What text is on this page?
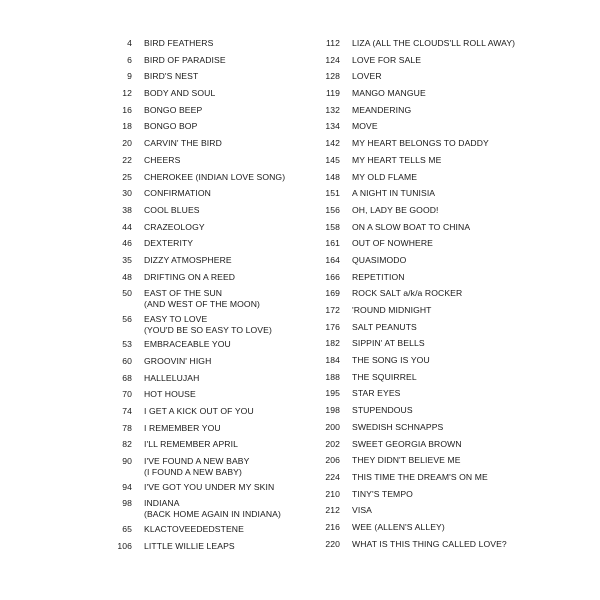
4 BIRD FEATHERS
6 BIRD OF PARADISE
9 BIRD'S NEST
12 BODY AND SOUL
16 BONGO BEEP
18 BONGO BOP
20 CARVIN' THE BIRD
22 CHEERS
25 CHEROKEE (INDIAN LOVE SONG)
30 CONFIRMATION
38 COOL BLUES
44 CRAZEOLOGY
46 DEXTERITY
35 DIZZY ATMOSPHERE
48 DRIFTING ON A REED
50 EAST OF THE SUN
(AND WEST OF THE MOON)
56 EASY TO LOVE
(YOU'D BE SO EASY TO LOVE)
53 EMBRACEABLE YOU
60 GROOVIN' HIGH
68 HALLELUJAH
70 HOT HOUSE
74 I GET A KICK OUT OF YOU
78 I REMEMBER YOU
82 I'LL REMEMBER APRIL
90 I'VE FOUND A NEW BABY
(I FOUND A NEW BABY)
94 I'VE GOT YOU UNDER MY SKIN
98 INDIANA
(BACK HOME AGAIN IN INDIANA)
65 KLACTOVEEDEDSTENE
106 LITTLE WILLIE LEAPS
112 LIZA (ALL THE CLOUDS'LL ROLL AWAY)
124 LOVE FOR SALE
128 LOVER
119 MANGO MANGUE
132 MEANDERING
134 MOVE
142 MY HEART BELONGS TO DADDY
145 MY HEART TELLS ME
148 MY OLD FLAME
151 A NIGHT IN TUNISIA
156 OH, LADY BE GOOD!
158 ON A SLOW BOAT TO CHINA
161 OUT OF NOWHERE
164 QUASIMODO
166 REPETITION
169 ROCK SALT a/k/a ROCKER
172 'ROUND MIDNIGHT
176 SALT PEANUTS
182 SIPPIN' AT BELLS
184 THE SONG IS YOU
188 THE SQUIRREL
195 STAR EYES
198 STUPENDOUS
200 SWEDISH SCHNAPPS
202 SWEET GEORGIA BROWN
206 THEY DIDN'T BELIEVE ME
224 THIS TIME THE DREAM'S ON ME
210 TINY'S TEMPO
212 VISA
216 WEE (ALLEN'S ALLEY)
220 WHAT IS THIS THING CALLED LOVE?
